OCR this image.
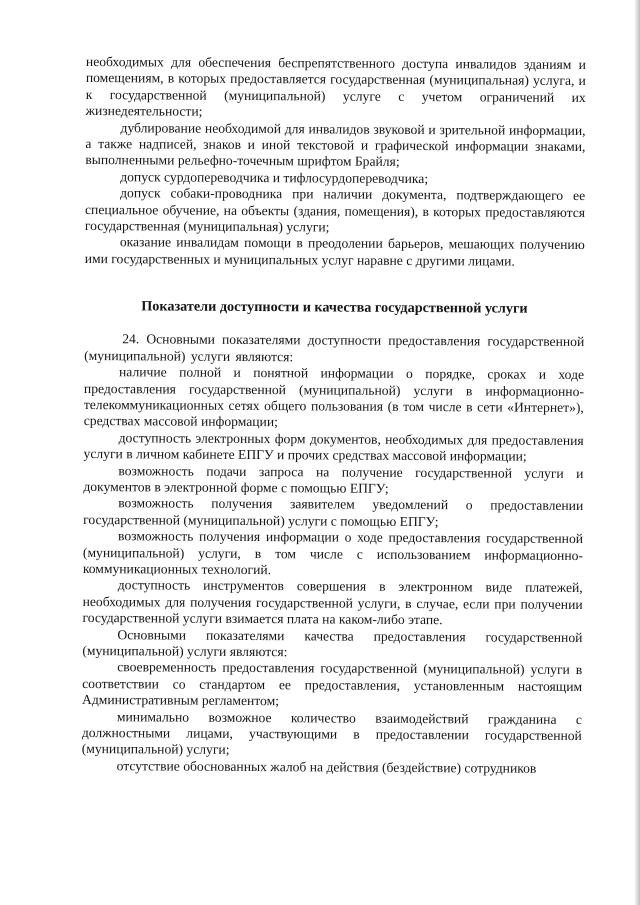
необходимых для обеспечения беспрепятственного доступа инвалидов зданиям и помещениям, в которых предоставляется государственная (муниципальная) услуга, и к государственной (муниципальной) услуге с учетом ограничений их жизнедеятельности;

дублирование необходимой для инвалидов звуковой и зрительной информации, а также надписей, знаков и иной текстовой и графической информации знаками, выполненными рельефно-точечным шрифтом Брайля;

допуск сурдопереводчика и тифлосурдопереводчика;

допуск собаки-проводника при наличии документа, подтверждающего ее специальное обучение, на объекты (здания, помещения), в которых предоставляются государственная (муниципальная) услуги;

оказание инвалидам помощи в преодолении барьеров, мешающих получению ими государственных и муниципальных услуг наравне с другими лицами.

Показатели доступности и качества государственной услуги

24. Основными показателями доступности предоставления государственной (муниципальной) услуги являются:

наличие полной и понятной информации о порядке, сроках и ходе предоставления государственной (муниципальной) услуги в информационно-телекоммуникационных сетях общего пользования (в том числе в сети «Интернет»), средствах массовой информации;

доступность электронных форм документов, необходимых для предоставления услуги в личном кабинете ЕПГУ и прочих средствах массовой информации;

возможность подачи запроса на получение государственной услуги и документов в электронной форме с помощью ЕПГУ;

возможность получения заявителем уведомлений о предоставлении государственной (муниципальной) услуги с помощью ЕПГУ;

возможность получения информации о ходе предоставления государственной (муниципальной) услуги, в том числе с использованием информационно-коммуникационных технологий.

доступность инструментов совершения в электронном виде платежей, необходимых для получения государственной услуги, в случае, если при получении государственной услуги взимается плата на каком-либо этапе.

Основными показателями качества предоставления государственной (муниципальной) услуги являются:

своевременность предоставления государственной (муниципальной) услуги в соответствии со стандартом ее предоставления, установленным настоящим Административным регламентом;

минимально возможное количество взаимодействий гражданина с должностными лицами, участвующими в предоставлении государственной (муниципальной) услуги;

отсутствие обоснованных жалоб на действия (бездействие) сотрудников
